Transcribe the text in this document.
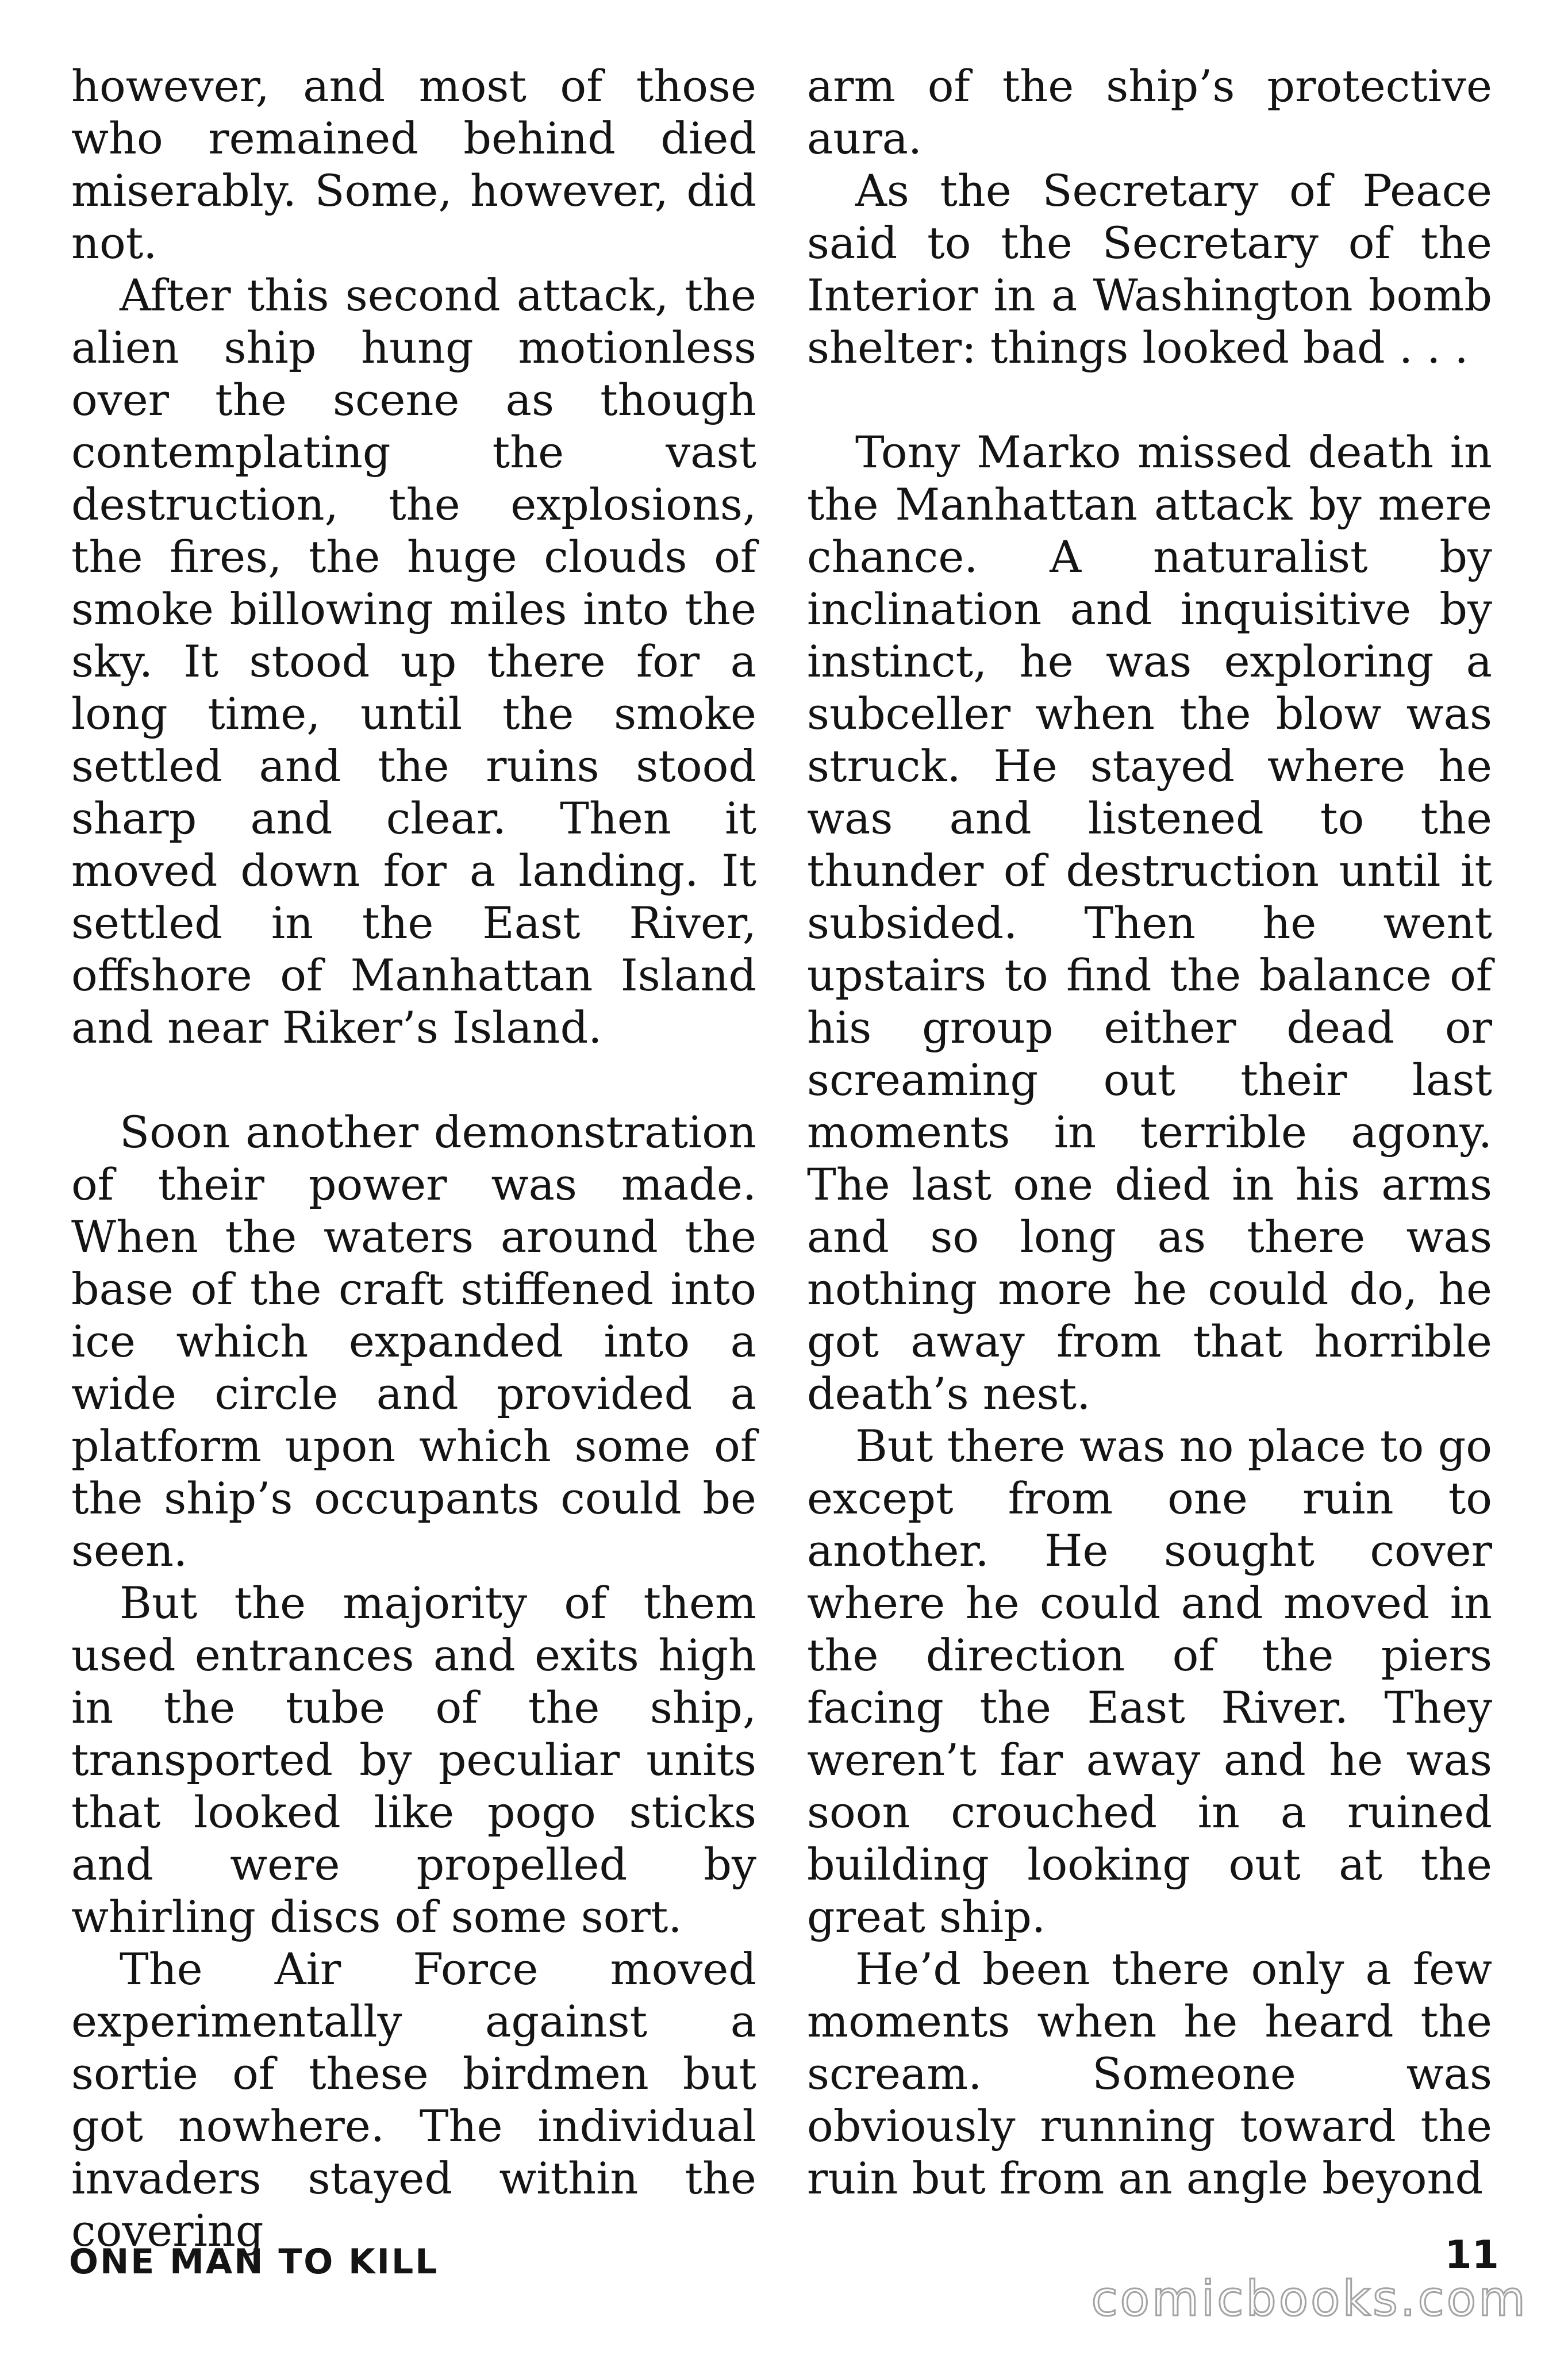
however, and most of those who remained behind died miserably. Some, however, did not.

After this second attack, the alien ship hung motionless over the scene as though contemplating the vast destruction, the explosions, the fires, the huge clouds of smoke billowing miles into the sky. It stood up there for a long time, until the smoke settled and the ruins stood sharp and clear. Then it moved down for a landing. It settled in the East River, offshore of Manhattan Island and near Riker’s Island.

Soon another demonstration of their power was made. When the waters around the base of the craft stiffened into ice which expanded into a wide circle and provided a platform upon which some of the ship’s occupants could be seen.

But the majority of them used entrances and exits high in the tube of the ship, transported by peculiar units that looked like pogo sticks and were propelled by whirling discs of some sort.

The Air Force moved experimentally against a sortie of these birdmen but got nowhere. The individual invaders stayed within the covering

arm of the ship’s protective aura.

As the Secretary of Peace said to the Secretary of the Interior in a Washington bomb shelter: things looked bad . . .

Tony Marko missed death in the Manhattan attack by mere chance. A naturalist by inclination and inquisitive by instinct, he was exploring a subceller when the blow was struck. He stayed where he was and listened to the thunder of destruction until it subsided. Then he went upstairs to find the balance of his group either dead or screaming out their last moments in terrible agony. The last one died in his arms and so long as there was nothing more he could do, he got away from that horrible death’s nest.

But there was no place to go except from one ruin to another. He sought cover where he could and moved in the direction of the piers facing the East River. They weren’t far away and he was soon crouched in a ruined building looking out at the great ship.

He’d been there only a few moments when he heard the scream. Someone was obviously running toward the ruin but from an angle beyond

ONE MAN TO KILL	11
comicbooks.com
